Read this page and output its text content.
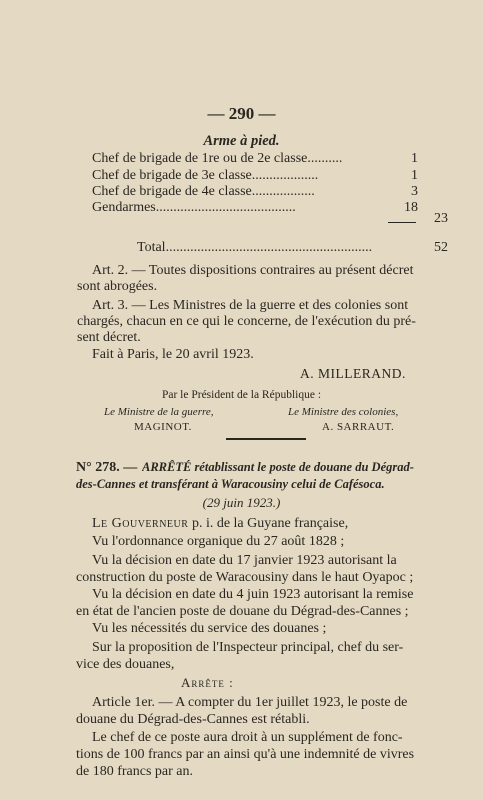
— 290 —
Arme à pied.
Chef de brigade de 1re ou de 2e classe..........	1
Chef de brigade de 3e classe...................	1
Chef de brigade de 4e classe..................	3
Gendarmes........................................	18
23
Total...........................................................	52
Art. 2. — Toutes dispositions contraires au présent décret
sont abrogées.
Art. 3. — Les Ministres de la guerre et des colonies sont
chargés, chacun en ce qui le concerne, de l'exécution du pré-
sent décret.
Fait à Paris, le 20 avril 1923.
A. MILLERAND.
Par le Président de la République :
Le Ministre de la guerre,	Le Ministre des colonies,
MAGINOT.	A. SARRAUT.
N° 278. — ARRÊTÉ rétablissant le poste de douane du Dégrad-
des-Cannes et transférant à Waracousiny celui de Cafésoca.
(29 juin 1923.)
Le Gouverneur p. i. de la Guyane française,
Vu l'ordonnance organique du 27 août 1828 ;
Vu la décision en date du 17 janvier 1923 autorisant la
construction du poste de Waracousiny dans le haut Oyapoc ;
Vu la décision en date du 4 juin 1923 autorisant la remise
en état de l'ancien poste de douane du Dégrad-des-Cannes ;
Vu les nécessités du service des douanes ;
Sur la proposition de l'Inspecteur principal, chef du ser-
vice des douanes,
Arrête :
Article 1er. — A compter du 1er juillet 1923, le poste de
douane du Dégrad-des-Cannes est rétabli.
Le chef de ce poste aura droit à un supplément de fonc-
tions de 100 francs par an ainsi qu'à une indemnité de vivres
de 180 francs par an.
